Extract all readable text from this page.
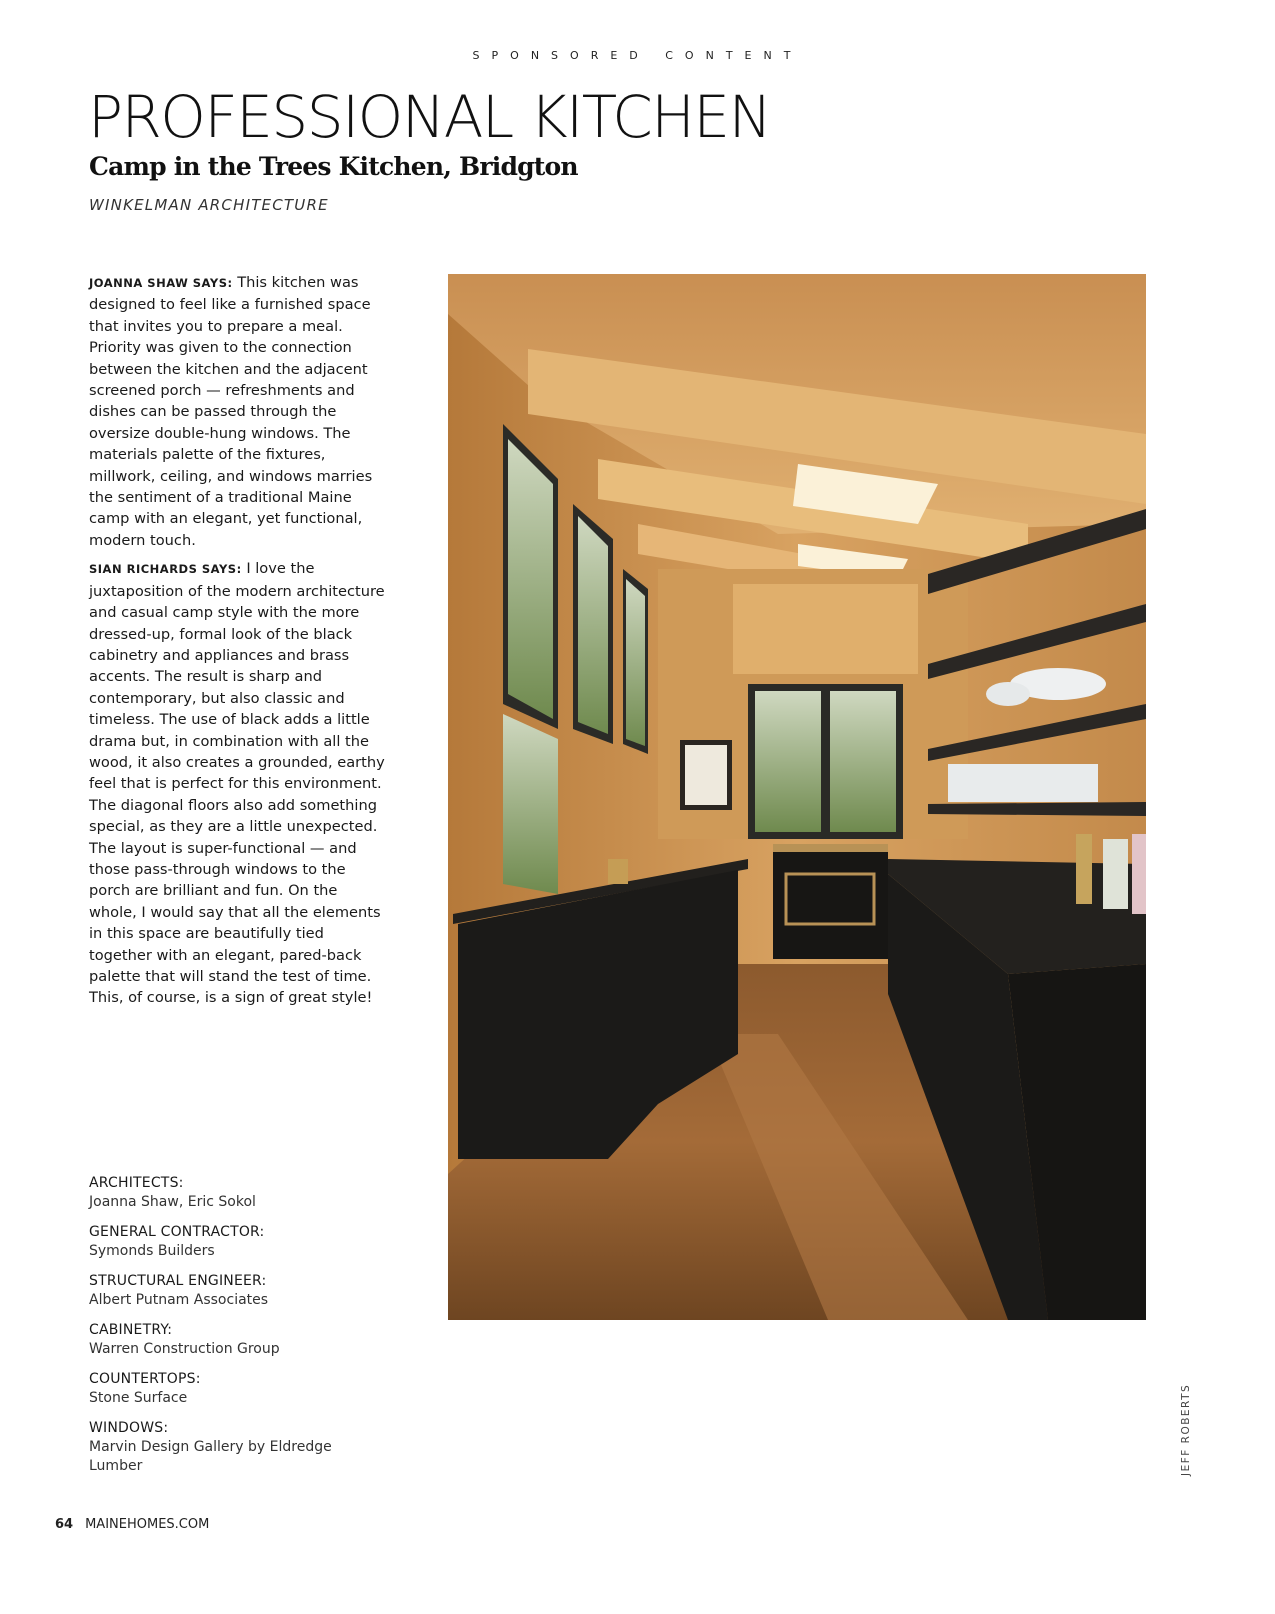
SPONSORED CONTENT
PROFESSIONAL KITCHEN
Camp in the Trees Kitchen, Bridgton
WINKELMAN ARCHITECTURE

JOANNA SHAW SAYS: This kitchen was designed to feel like a furnished space that invites you to prepare a meal. Priority was given to the connection between the kitchen and the adjacent screened porch — refreshments and dishes can be passed through the oversize double-hung windows. The materials palette of the fixtures, millwork, ceiling, and windows marries the sentiment of a traditional Maine camp with an elegant, yet functional, modern touch.

SIAN RICHARDS SAYS: I love the juxtaposition of the modern architecture and casual camp style with the more dressed-up, formal look of the black cabinetry and appliances and brass accents. The result is sharp and contemporary, but also classic and timeless. The use of black adds a little drama but, in combination with all the wood, it also creates a grounded, earthy feel that is perfect for this environment. The diagonal floors also add something special, as they are a little unexpected. The layout is super-functional — and those pass-through windows to the porch are brilliant and fun. On the whole, I would say that all the elements in this space are beautifully tied together with an elegant, pared-back palette that will stand the test of time. This, of course, is a sign of great style!

ARCHITECTS:
Joanna Shaw, Eric Sokol
GENERAL CONTRACTOR:
Symonds Builders
STRUCTURAL ENGINEER:
Albert Putnam Associates
CABINETRY:
Warren Construction Group
COUNTERTOPS:
Stone Surface
WINDOWS:
Marvin Design Gallery by Eldredge Lumber	JEFF ROBERTS
64 MAINEHOMES.COM
